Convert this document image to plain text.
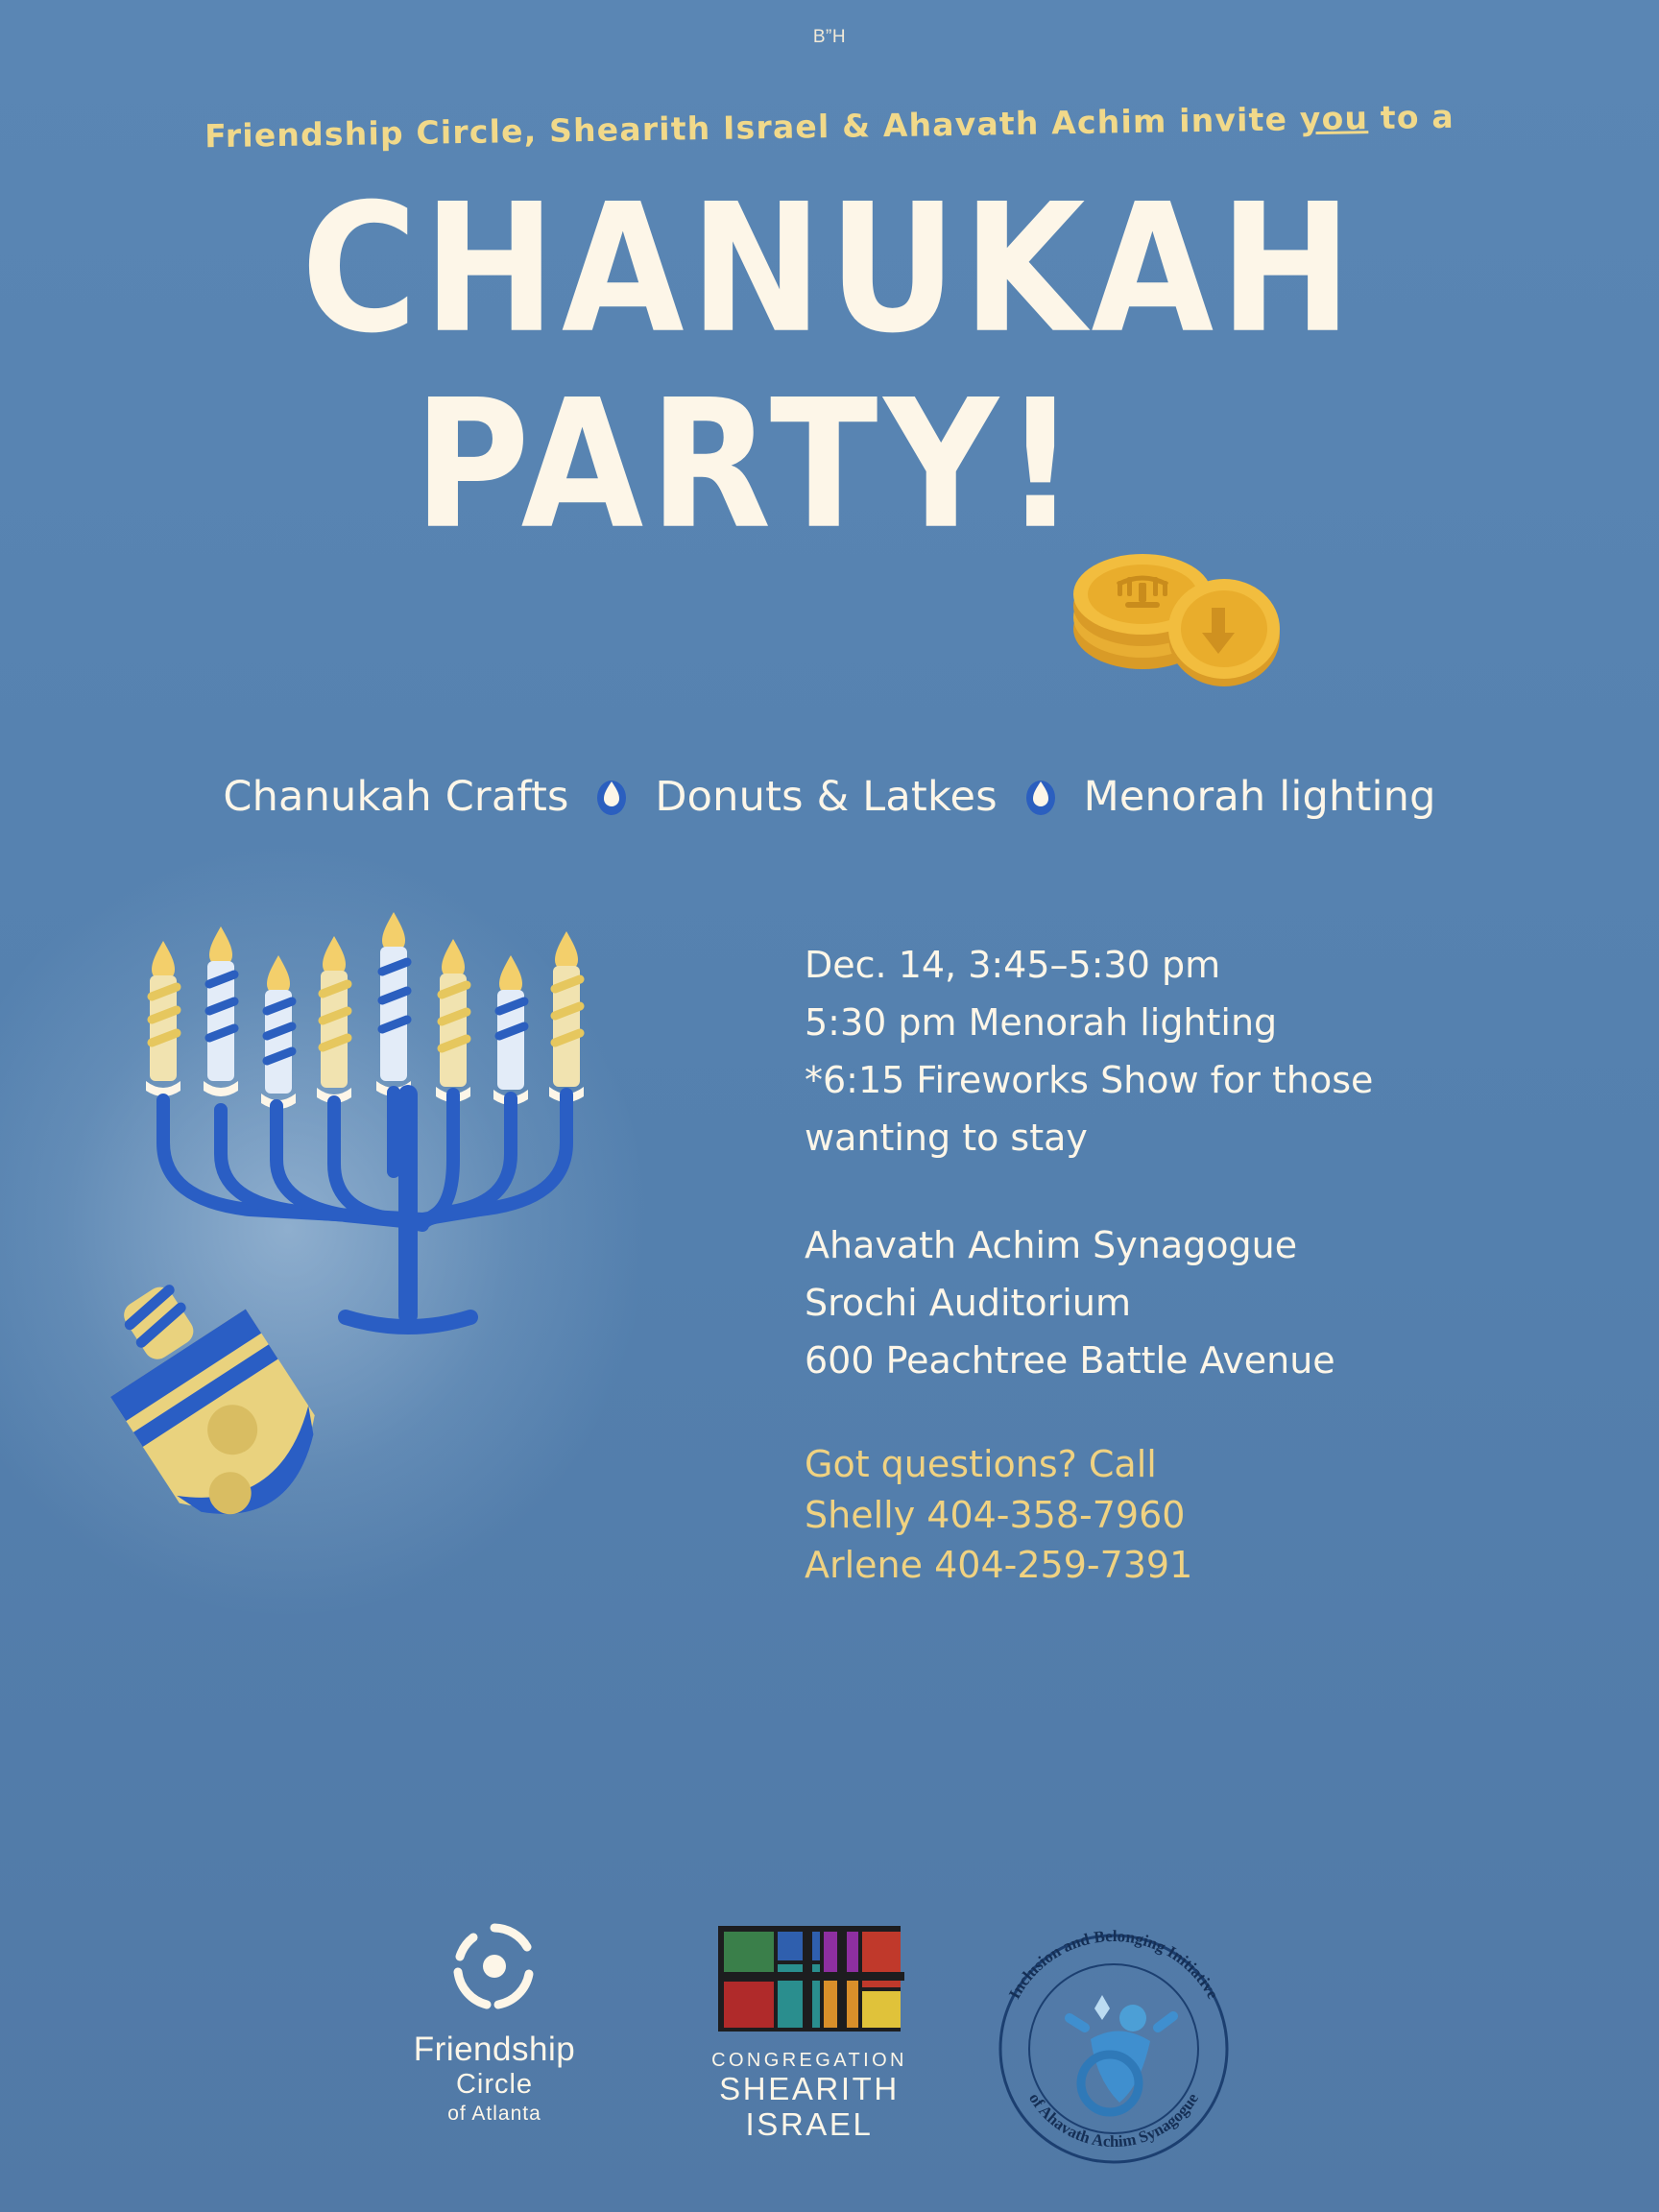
B”H
Friendship Circle, Shearith Israel & Ahavath Achim invite you to a
CHANUKAH
PARTY!
Chanukah Crafts Donuts & Latkes Menorah lighting
Dec. 14, 3:45–5:30 pm
5:30 pm Menorah lighting
*6:15 Fireworks Show for those
wanting to stay
Ahavath Achim Synagogue
Srochi Auditorium
600 Peachtree Battle Avenue
Got questions? Call
Shelly 404-358-7960
Arlene 404-259-7391
Friendship
Circle
of Atlanta
CONGREGATION
SHEARITH
ISRAEL
Inclusion and Belonging Initiative
of Ahavath Achim Synagogue
